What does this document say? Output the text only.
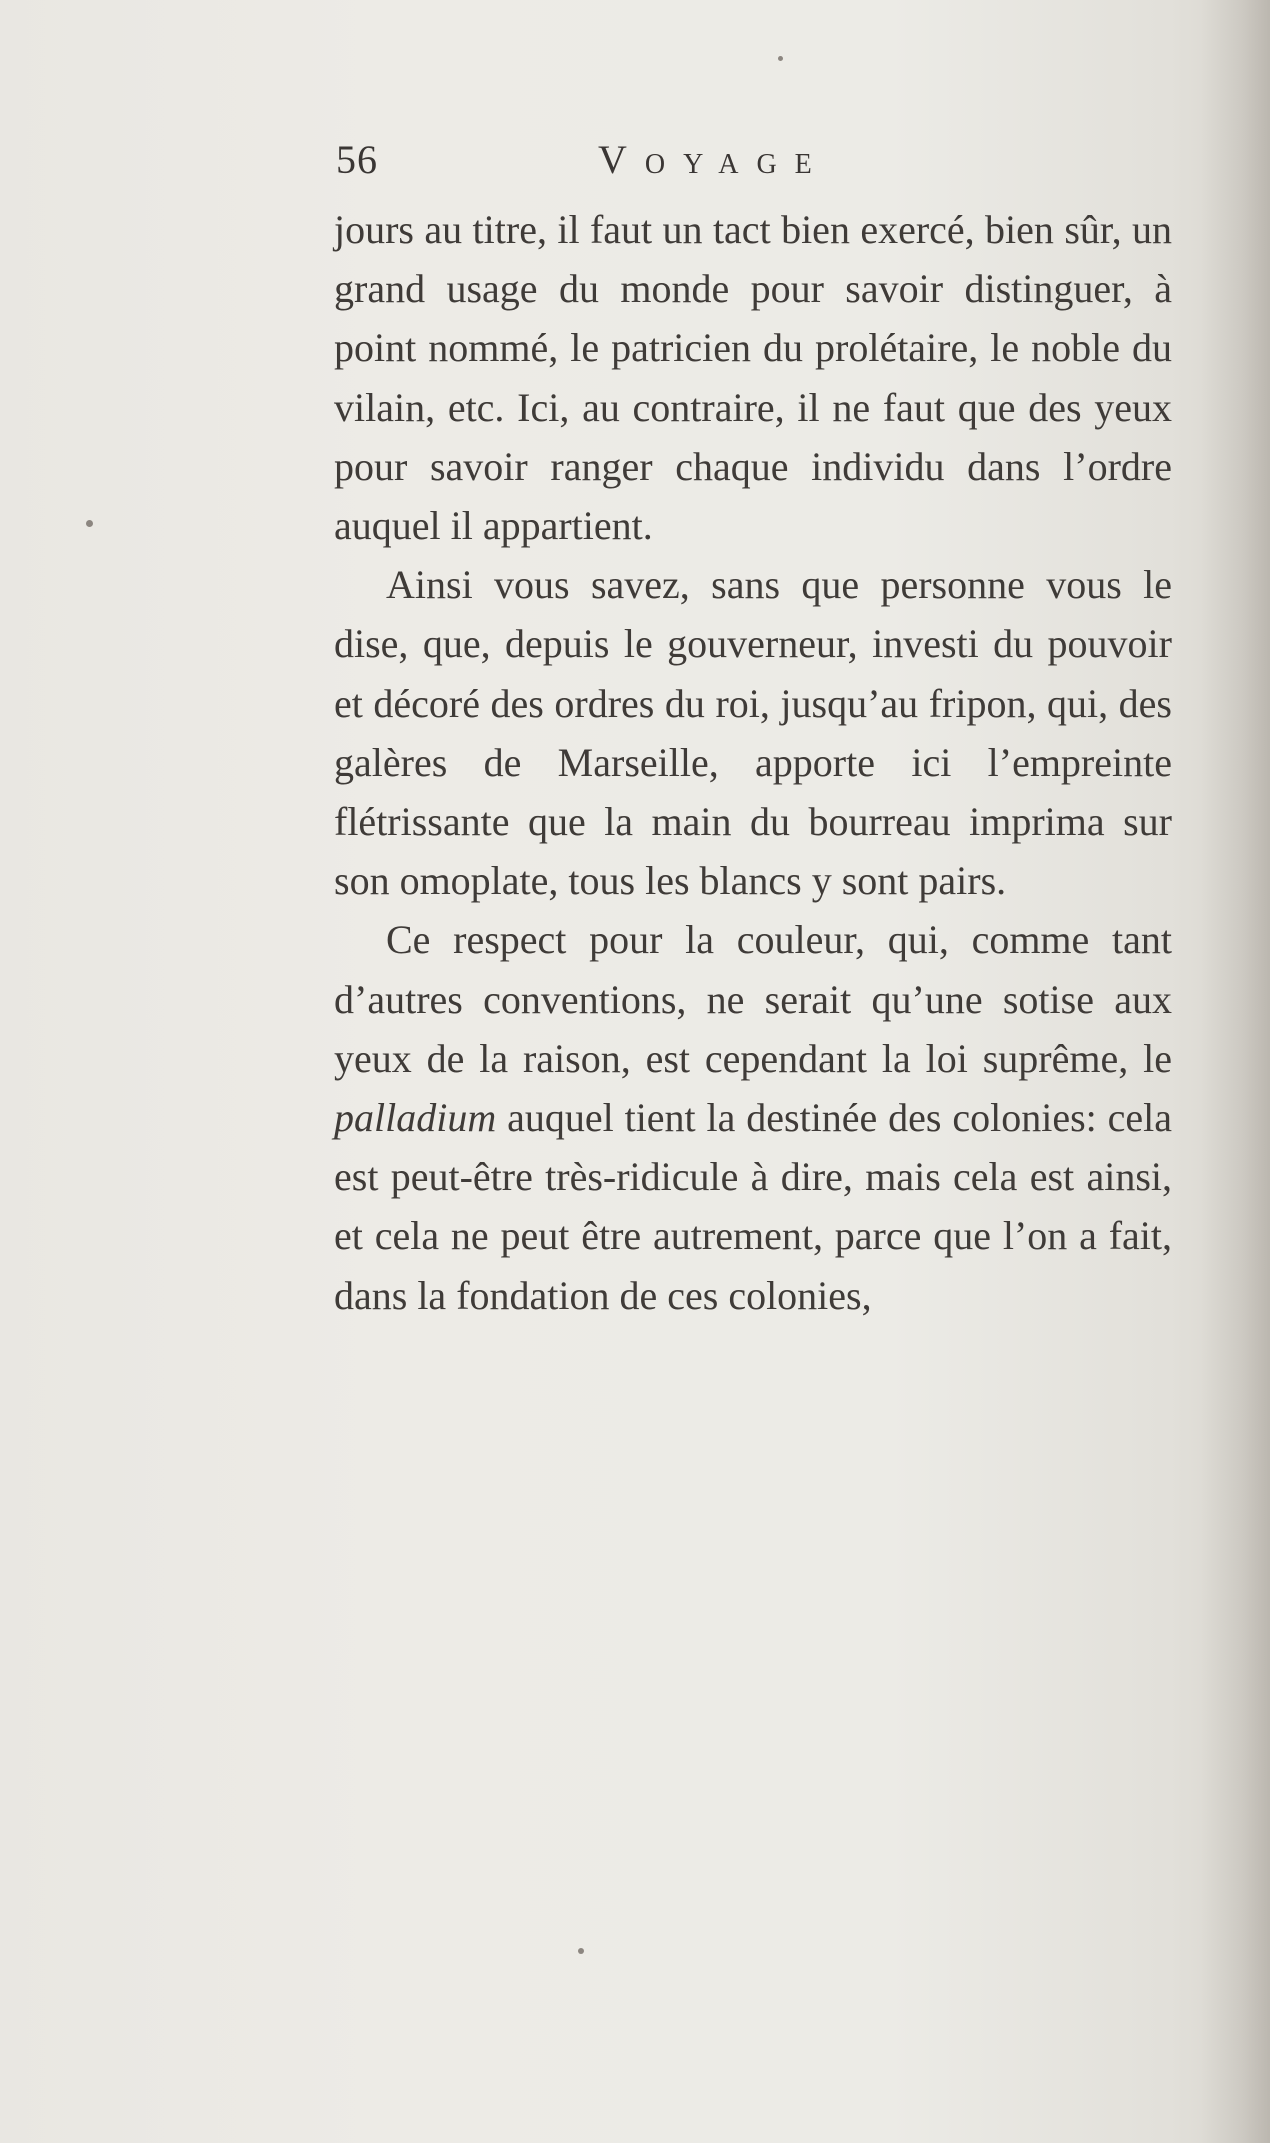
56	Voyage

jours au titre, il faut un tact bien exercé, bien sûr, un grand usage du monde pour savoir distinguer, à point nommé, le patricien du prolétaire, le noble du vilain, etc. Ici, au contraire, il ne faut que des yeux pour savoir ranger chaque individu dans l’ordre auquel il appartient.

Ainsi vous savez, sans que personne vous le dise, que, depuis le gouverneur, investi du pouvoir et décoré des ordres du roi, jusqu’au fripon, qui, des galères de Marseille, apporte ici l’empreinte flétrissante que la main du bourreau imprima sur son omoplate, tous les blancs y sont pairs.

Ce respect pour la couleur, qui, comme tant d’autres conventions, ne serait qu’une sotise aux yeux de la raison, est cependant la loi suprême, le palladium auquel tient la destinée des colonies: cela est peut-être très-ridicule à dire, mais cela est ainsi, et cela ne peut être autrement, parce que l’on a fait, dans la fondation de ces colonies,
